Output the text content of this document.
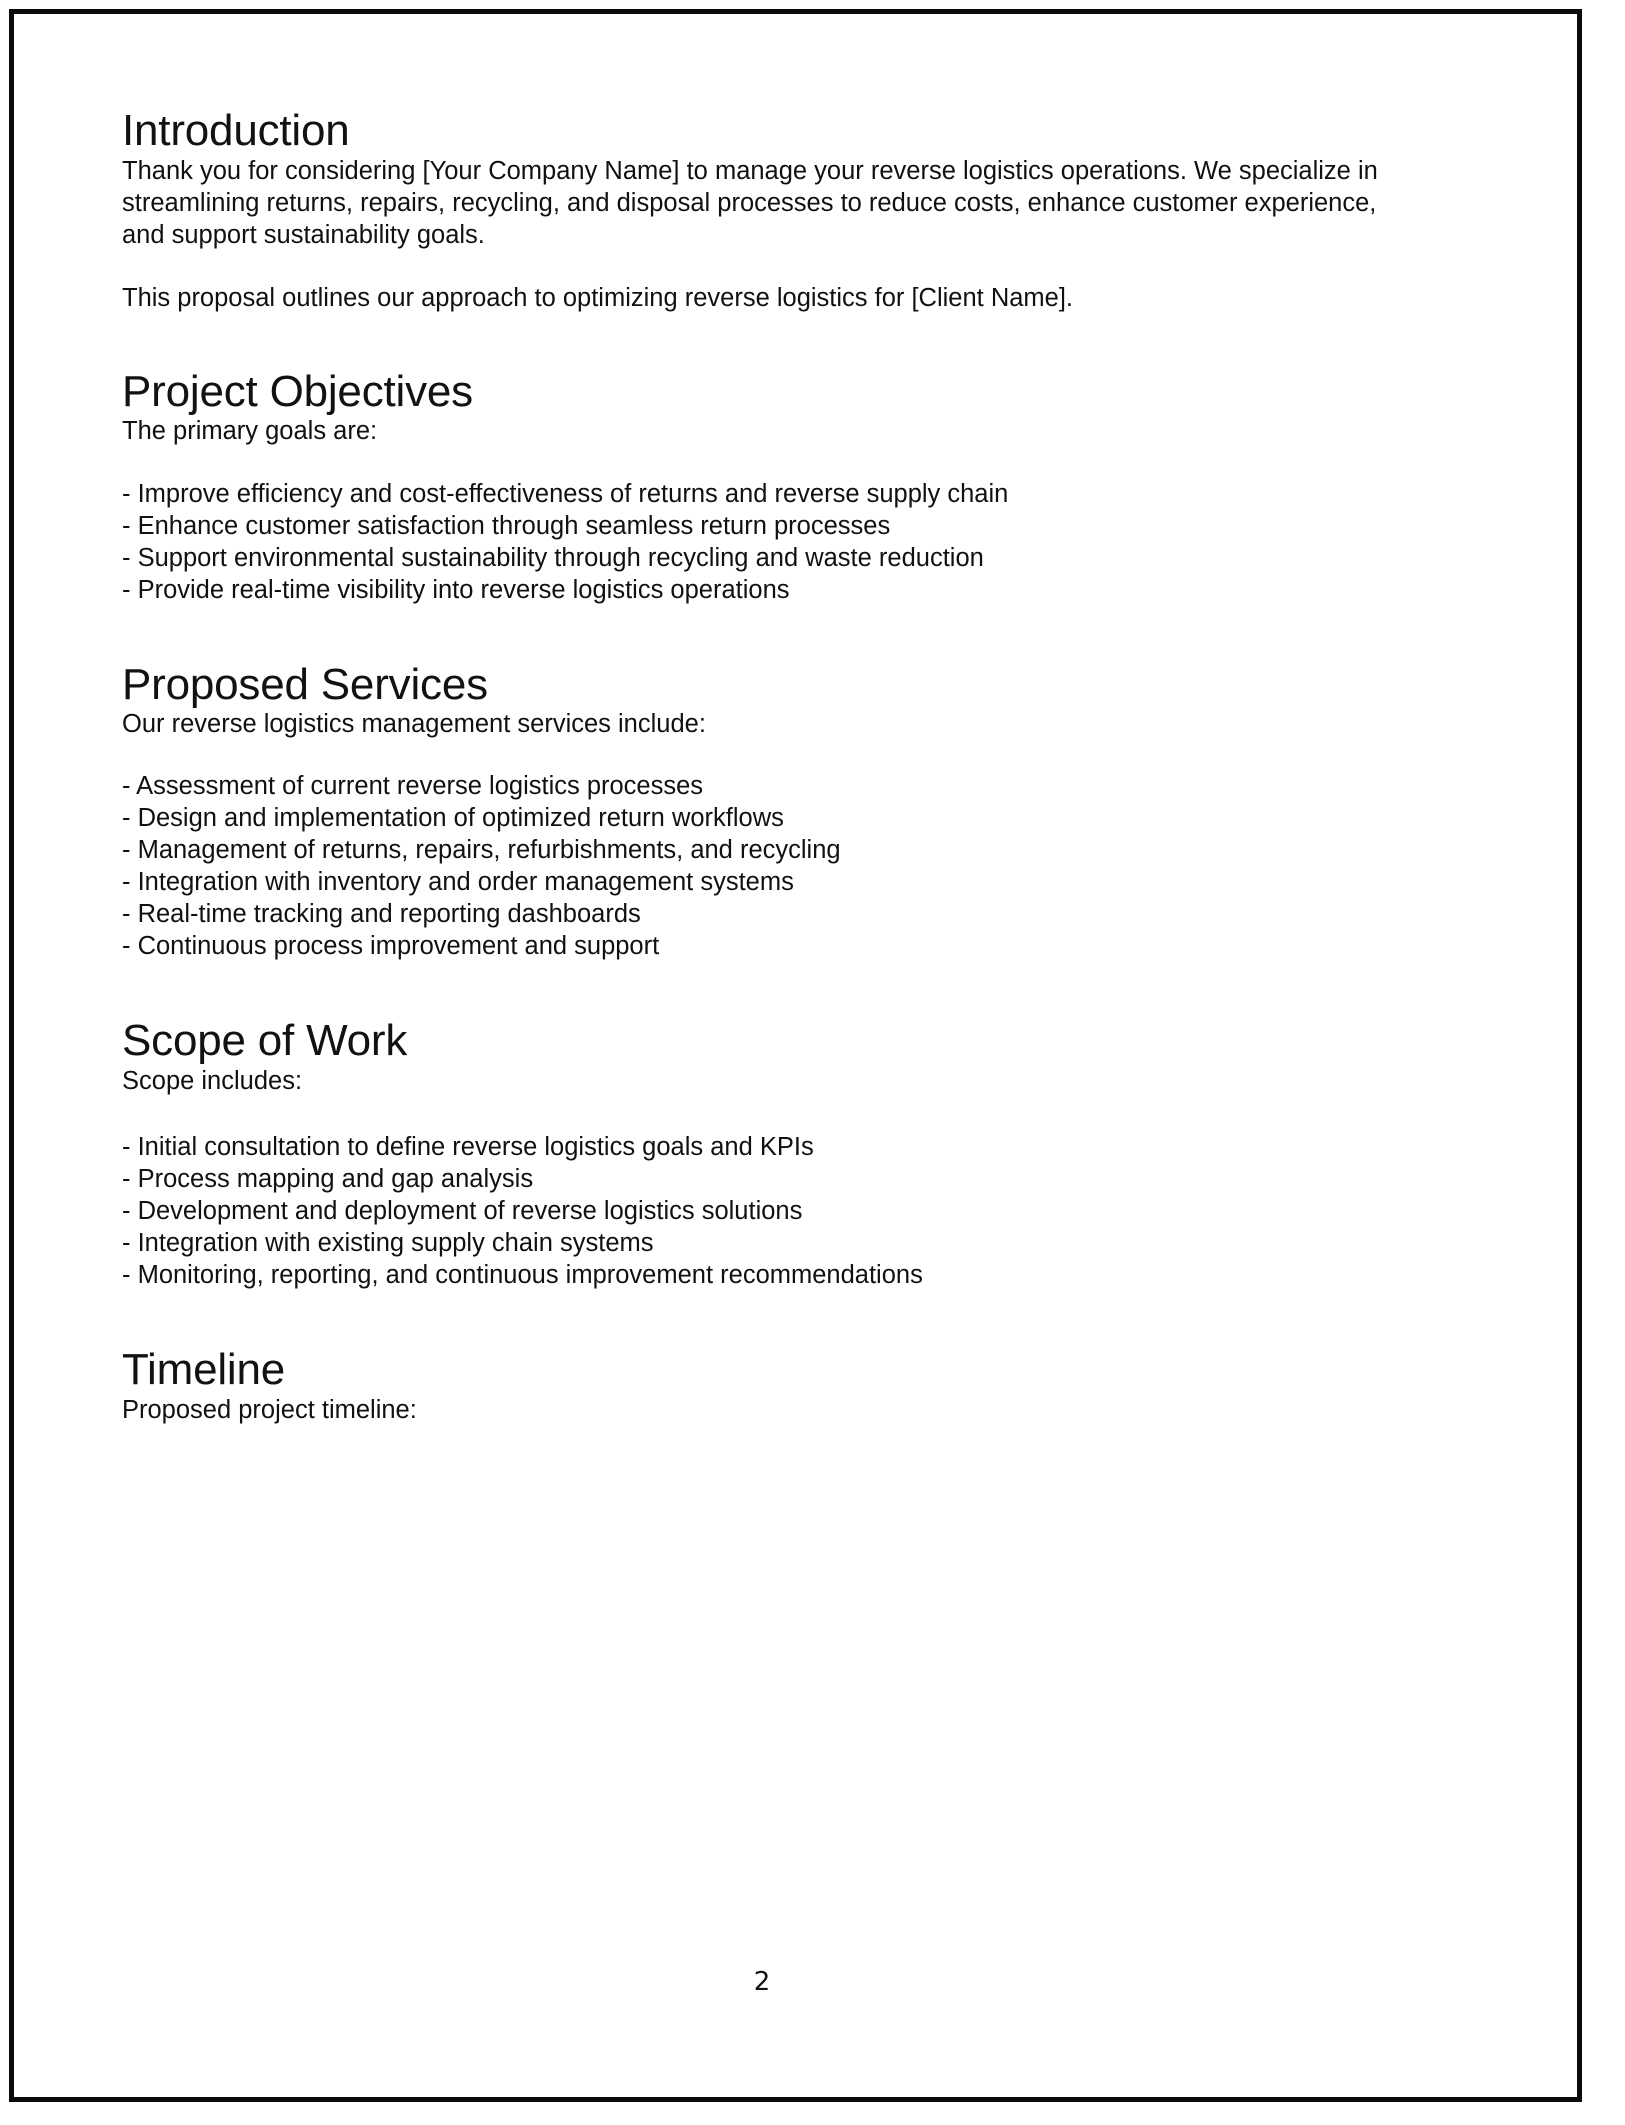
Introduction

Thank you for considering [Your Company Name] to manage your reverse logistics operations. We specialize in streamlining returns, repairs, recycling, and disposal processes to reduce costs, enhance customer experience, and support sustainability goals.

This proposal outlines our approach to optimizing reverse logistics for [Client Name].

Project Objectives

The primary goals are:

- Improve efficiency and cost-effectiveness of returns and reverse supply chain
- Enhance customer satisfaction through seamless return processes
- Support environmental sustainability through recycling and waste reduction
- Provide real-time visibility into reverse logistics operations
Proposed Services

Our reverse logistics management services include:

- Assessment of current reverse logistics processes
- Design and implementation of optimized return workflows
- Management of returns, repairs, refurbishments, and recycling
- Integration with inventory and order management systems
- Real-time tracking and reporting dashboards
- Continuous process improvement and support
Scope of Work

Scope includes:

- Initial consultation to define reverse logistics goals and KPIs
- Process mapping and gap analysis
- Development and deployment of reverse logistics solutions
- Integration with existing supply chain systems
- Monitoring, reporting, and continuous improvement recommendations
Timeline

Proposed project timeline:

2
